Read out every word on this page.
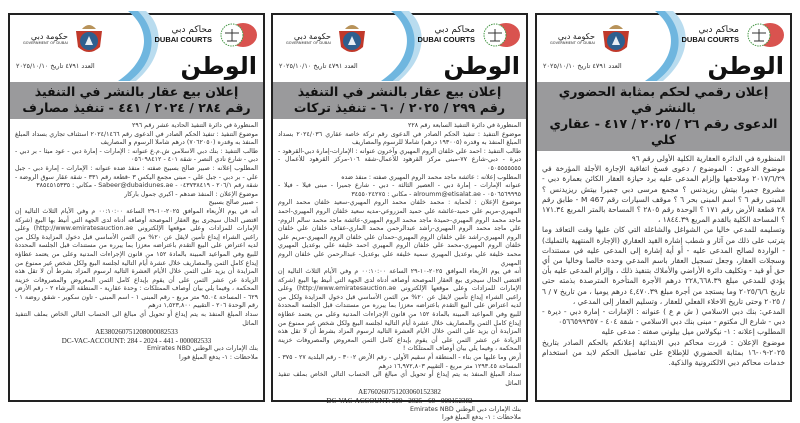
حكومة دبي
GOVERNMENT OF DUBAI
محاكم دبي
DUBAI COURTS
العدد ٤٧٩١ تاريخ ٢٠٢٥/١٠/١٠	الوطن
إعلان رقمي لحكم بمثابة الحضوري بالنشر في
الدعوى رقم ٢٦ / ٢٠٢٥ / ٤١٧ - عقاري كلي

المنظورة في الدائرة العقارية الكلية الأولى رقم ٩٦

موضوع الدعوى : الموضوع / دعوى فسخ اتفاقية الإجارة الأجلة المؤرخة في ٢٠١٧/٦/٢٩ وملاحقها وإلزام المدعى عليه برد حيازة العقار الكائن بعمارة دبي - مشروع جميرا بيتش ريزيدنس ؟ مجمع مرسى دبي جميرا بيتش ريزيدنس ؟ المبنى رقم ٦ ؟ اسم المبنى بحر ٦ ؟ موقف السيارات رقم M 467 - طابق رقم ٢٨ قطعة الأرض رقم ١٧١ ؟ الوحدة رقم ٢٨٠٥ ؟ المساحة بالمتر المربع ١٧١.٣٤ ؟ المساحة الكلية بالقدم المربع ١٨٤٤.٣٩ ،

وتسليمه للمدعي خاليا من الشواغل والشاغلة التي كان عليها وقت التعاقد وما يترتب على ذلك من آثار و شطب إشارة القيد العقاري (الإجارة المنتهية بالتمليك) - الواردة لصالح المدعى عليه - أو أية إشارة إلى المدعى عليه في مستندات وسجلات العقار، وجعل تسجيل العقار باسم المدعي وحده خالصا وخاليا من أي حق أو قيد - وتكليف دائرة الأراضي والأملاك بتنفيذ ذلك ، وإلزام المدعى عليه بأن يؤدي للمدعي مبلغ ٢٢٨,٦٦٨.٣٩ درهم الأجرة المتأخرة المترصدة بذمته حتى تاريخ ٢٠٢٥/٦/٦ وما يستجد من أجرة مبلغ ٤,٤٧٠.٣٩ درهم يوميا ، من تاريخ ٧ / ٦ / ٢٠٢٥ وحتى تاريخ الاخلاء الفعلي للعقار ، وتسليم العقار إلى المدعي ،

المدعي: بنك دبي الاسلامي ( ش م ع ) عنوانه : الإمارات - إمارة دبي - ديرة - دبي - شارع ال مكتوم - مبنى بنك دبي الاسلامي - شقة ٤٠٤ - ٠٥٦٦٥٩٩٣٥٧

المطلوب إعلانه : ١- نيكولاس ميل بيلوني صفته : مدعى عليه

موضوع الإعلان : قررت محاكم دبي الابتدائية إعلانكم بالحكم الصادر بتاريخ ٢٠٢٥-٠٩-١٦ بمثابة الحضوري للإطلاع على تفاصيل الحكم لابد من استخدام خدمات محاكم دبي الالكترونية والذكية.

حكومة دبي
GOVERNMENT OF DUBAI
محاكم دبي
DUBAI COURTS
العدد ٤٧٩١ تاريخ ٢٠٢٥/١٠/١٠	الوطن
إعلان بيع عقار بالنشر في التنفيذ
رقم ٢٩٩ / ٢٠٢٥ / ٦٠ - تنفيذ تركات

المنظورة في دائرة التنفيذ السابعة رقم ٢٢٨

موضوع التنفيذ : تنفيذ الحكم الصادر في الدعوى رقم تركة خاصة عقاري ٢٠٢٤/٠٣٦ بسداد المبلغ المنفذ به وقدره (١٩٣٠٠٥ درهم) شاملا للرسوم والمصاريف

طالب التنفيذ : احمد علي خلفان الروم المهيري وآخرون عنوانه : الإمارات-إمارة دبي-القرهود - ديرة - دبي-شارع ٧٧-مبنى مركز القرهود للأعمال-شقة ١٠٦-مركز القرهود للأعمال - ٠٥٠٥٥٥٥٥٥٥

المطلوب إعلانه : عائشة ماجد محمد الروم المهيري صفته : منفذ ضده

عنوانه الإمارات - إمارة دبي - العصير الثالثة - دبي - شارع جميرا - مبنى فيلا - فيلا - ٠٥٠٦٥٦٩٩٩٥ - alroumm@etisalat.ae - مكاني : ٣٤٥٥٠٢٤٢٧٥

موضوع الإعلان : لحماية : محمد خلفان محمد الروم المهيري-سعيد خلفان محمد الروم المهيري-مريم علي حميد-عائشة علي حميد المزروعي-مديه سعيد خلفان الروم المهيري-احمد ماجد محمد الروم المهيري-حميدة ماجد محمد الروم المهيري-عائشة ماجد محمد سالم الروم-علي ماجد محمد الروم المهيري-راشد عبدالرحمن محمد الماري-عفاف خلفان علي خلفان الروم المهيري-راشد علي خلفان الروم المهيري-حمدان علي خلفان الروم المهيري-مريم علي خلفان الروم المهيري-محمد علي خلفان الروم المهيري احمد خليفة علي بوعديل المهيري محمد خليفة علي بوعديل المهيري سمية خليفة علي بوعديل- عبدالرحمن علي خلفان الروم المهيري

أنه في يوم الأربعاء الموافق ٢٠٢٥-١٠-٢٩ الساعة ٠٠:١٠:٠٠ م وفي الأيام الثلاث التالية إن اقتضى الحال سيجرى بيع العقار الموصحة أوصافه أدناه لدى الجهة التي أنيط بها البيع (شركة الإمارات للمزادات وعلى موقعها الإلكتروني http://www.emiratesauction.ae) وعلى راغبي الشراء إيداع تأمين لايقل عن ٢٠% من الثمن الأساسي قبل دخول المزايدة ولكل من لديه اعتراض على البيع التقدم باعتراضه معززا بما يبرره من مستندات قبل الجلسة المحددة للبيع وفي المواعيد المبينة بالمادة ١٥٢ من قانون الإجراءات المدنية وعلى من يعتمد عطاؤه إيداع كامل الثمن والمصاريف خلال عشرة أيام التالية لجلسة البيع ولكل شخص غير ممنوع من المزايدة أن يزيد على الثمن خلال الأيام العشرة التالية لرسوم المزاد بشرط أن لا تقل هذه الزيادة عن عشر الثمن على أن يقوم بإيداع كامل الثمن المعروض والمصروفات خزينة المحكمة ، وفيما يلي بيان أوصاف الممتلكات !

أرض وما عليها من بناء - المنطقة أم سقيم الأولى - رقم الأرض ٣٠٠٢ - رقم البلدية ٢٧ - ٣٧٥ - المساحة ١٢٩٣.٤٥ متر مربع - التقييم ١٦,٩٧٢,٨٠٣ درهم

سداد المبلغ المنفذ به يتم إيداع أو تحويل أي مبالغ الى الحساب التالي الخاص بملف تنفيذ الماثل

AE760260751203060152382

DC-VAC-ACCOUNT: 299 - 2025 - 60 - 000152382

بنك الإمارات دبي الوطني Emirates NBD

ملاحظات : ١- يدفع المبلغ فورا

حكومة دبي
GOVERNMENT OF DUBAI
محاكم دبي
DUBAI COURTS
العدد ٤٧٩١ تاريخ ٢٠٢٥/١٠/١٠	الوطن
إعلان بيع عقار بالنشر في التنفيذ
رقم ٢٨٤ / ٢٠٢٤ / ٤٤١ - تنفيذ مصارف

المنظورة في دائرة التنفيذ الحادية عشر رقم ٢٩٦

موضوع التنفيذ : تنفيذ الحكم الصادر في الدعوى رقم ٢٠٢٤/١٤٦٦ استئناف تجاري بسداد المبلغ المنفذ به وقدره (٧٠٦٢٠٥٠) درهم شاملا الرسوم و المصاريف

طالب التنفيذ : بنك دبي الاسلامي ش.م.ع عنوانه : الإمارات - إمارة دبي - عود ميثا - بر دبي - دبي - شارع نادي النصر - شقة ٤٠١ - ٠٥٦٠٩٨٤١٢

المطلوب إعلانه : صبير صالح بسبيح صفته : منفذ ضده عنوانه : الإمارات - إمارة دبي - جبل علي - بر دبي - جبل علي - مبنى مجمع اليكس ٣ -قطعة رقم ٣٣١ - شقة عقار سوق الروضة - شقة رقم ٢٠٦/١ - ٠٤٣٧٣٨٤١٩ - Sabeer@dubaidunes.ae - مكاني : ٣٨٥٤٥١٥٣٣٥

موضوع الإعلان : المنفذ ضدهم - اكبري جمول باركار

- صبير صالح بسبيح

أنه في يوم الأربعاء الموافق ٢٠٢٥-١٠-٢٩ الساعة ٠٠:١٠:٠٠ م وفي الأيام الثلاث التالية إن اقتضى الحال سيجرى بيع العقار الموصحة أوصافه أدناه لدى الجهة التي أنيط بها البيع (شركة الإمارات للمزادات وعلى موقعها الإلكتروني http://www.emiratesauction.ae) وعلى راغبي الشراء إيداع تأمين لايقل عن ٢٠% من الثمن الأساسي قبل دخول المزايدة ولكل من لديه اعتراض على البيع التقدم باعتراضه معززا بما يبرره من مستندات قبل الجلسة المحددة للبيع وفي المواعيد المبينة بالمادة ١٥٢ من قانون الإجراءات المدنية وعلى من يعتمد عطاؤه إيداع كامل الثمن والمصاريف خلال عشرة أيام التالية لجلسة البيع ولكل شخص غير ممنوع من المزايدة أن يزيد على الثمن خلال الأيام العشرة التالية لرسوم المزاد بشرط أن لا تقل هذه الزيادة عن عشر الثمن على أن يقوم بإيداع كامل الثمن المعروض والمصروفات خزينة المحكمة ، وفيما يلي بيان أوصاف الممتلكات : وحدة عقارية - المنطقة البرشاء ٢ - رقم الأرض ٦٢٩ - المساحة ٩٥.٠٤ متر مربع - رقم المبنى ١ - اسم المبنى - تاون سكوير - شقق روضة ١ - رقم الوحدة ٢٠٦ - التقييم ١,٥٢٣,٨٠٠ درهم

سداد المبلغ المنفذ به يتم إيداع أو تحويل أي مبالغ الى الحساب التالي الخاص بملف التنفيذ الماثل

AE380260751208000082533

DC-VAC-ACCOUNT: 284 - 2024 - 441 - 000082533

بنك الإمارات دبي الوطني Emirates NBD

ملاحظات : ١- يدفع المبلغ فورا
